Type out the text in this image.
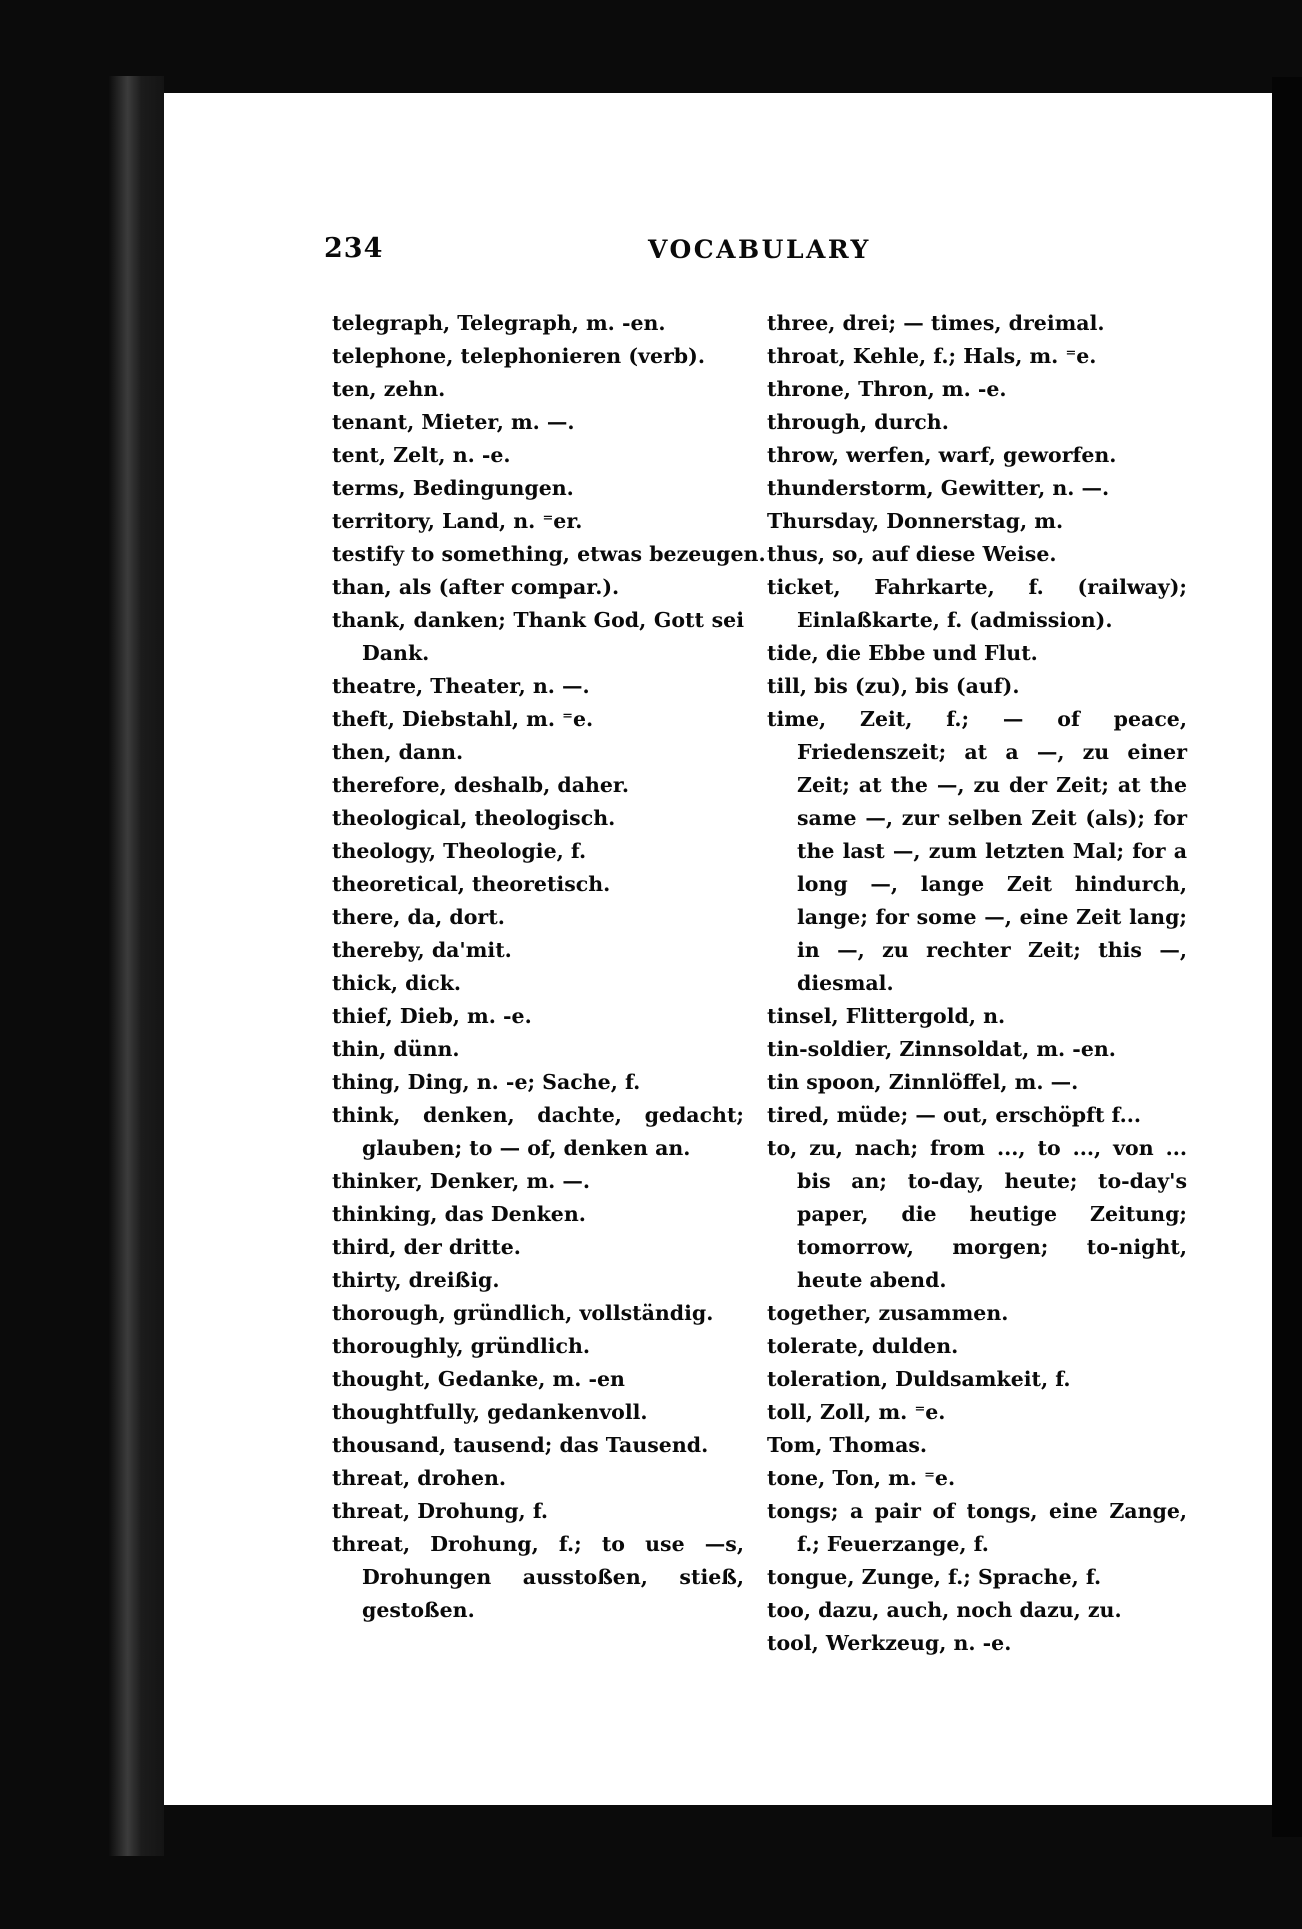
234	VOCABULARY
telegraph, Telegraph, m. -en.
telephone, telephonieren (verb).
ten, zehn.
tenant, Mieter, m. —.
tent, Zelt, n. -e.
terms, Bedingungen.
territory, Land, n. ⁼er.
testify to something, etwas bezeugen.
than, als (after compar.).
thank, danken; Thank God, Gott sei Dank.
theatre, Theater, n. —.
theft, Diebstahl, m. ⁼e.
then, dann.
therefore, deshalb, daher.
theological, theologisch.
theology, Theologie, f.
theoretical, theoretisch.
there, da, dort.
thereby, da'mit.
thick, dick.
thief, Dieb, m. -e.
thin, dünn.
thing, Ding, n. -e; Sache, f.
think, denken, dachte, gedacht; glauben; to — of, denken an.
thinker, Denker, m. —.
thinking, das Denken.
third, der dritte.
thirty, dreißig.
thorough, gründlich, vollständig.
thoroughly, gründlich.
thought, Gedanke, m. -en
thoughtfully, gedankenvoll.
thousand, tausend; das Tausend.
threat, drohen.
threat, Drohung, f.
threat, Drohung, f.; to use —s, Drohungen ausstoßen, stieß, gestoßen.
three, drei; — times, dreimal.
throat, Kehle, f.; Hals, m. ⁼e.
throne, Thron, m. -e.
through, durch.
throw, werfen, warf, geworfen.
thunderstorm, Gewitter, n. —.
Thursday, Donnerstag, m.
thus, so, auf diese Weise.
ticket, Fahrkarte, f. (railway); Einlaßkarte, f. (admission).
tide, die Ebbe und Flut.
till, bis (zu), bis (auf).
time, Zeit, f.; — of peace, Friedenszeit; at a —, zu einer Zeit; at the —, zu der Zeit; at the same —, zur selben Zeit (als); for the last —, zum letzten Mal; for a long —, lange Zeit hindurch, lange; for some —, eine Zeit lang; in —, zu rechter Zeit; this —, diesmal.
tinsel, Flittergold, n.
tin-soldier, Zinnsoldat, m. -en.
tin spoon, Zinnlöffel, m. —.
tired, müde; — out, erschöpft f...
to, zu, nach; from ..., to ..., von ... bis an; to-day, heute; to-day's paper, die heutige Zeitung; tomorrow, morgen; to-night, heute abend.
together, zusammen.
tolerate, dulden.
toleration, Duldsamkeit, f.
toll, Zoll, m. ⁼e.
Tom, Thomas.
tone, Ton, m. ⁼e.
tongs; a pair of tongs, eine Zange, f.; Feuerzange, f.
tongue, Zunge, f.; Sprache, f.
too, dazu, auch, noch dazu, zu.
tool, Werkzeug, n. -e.
